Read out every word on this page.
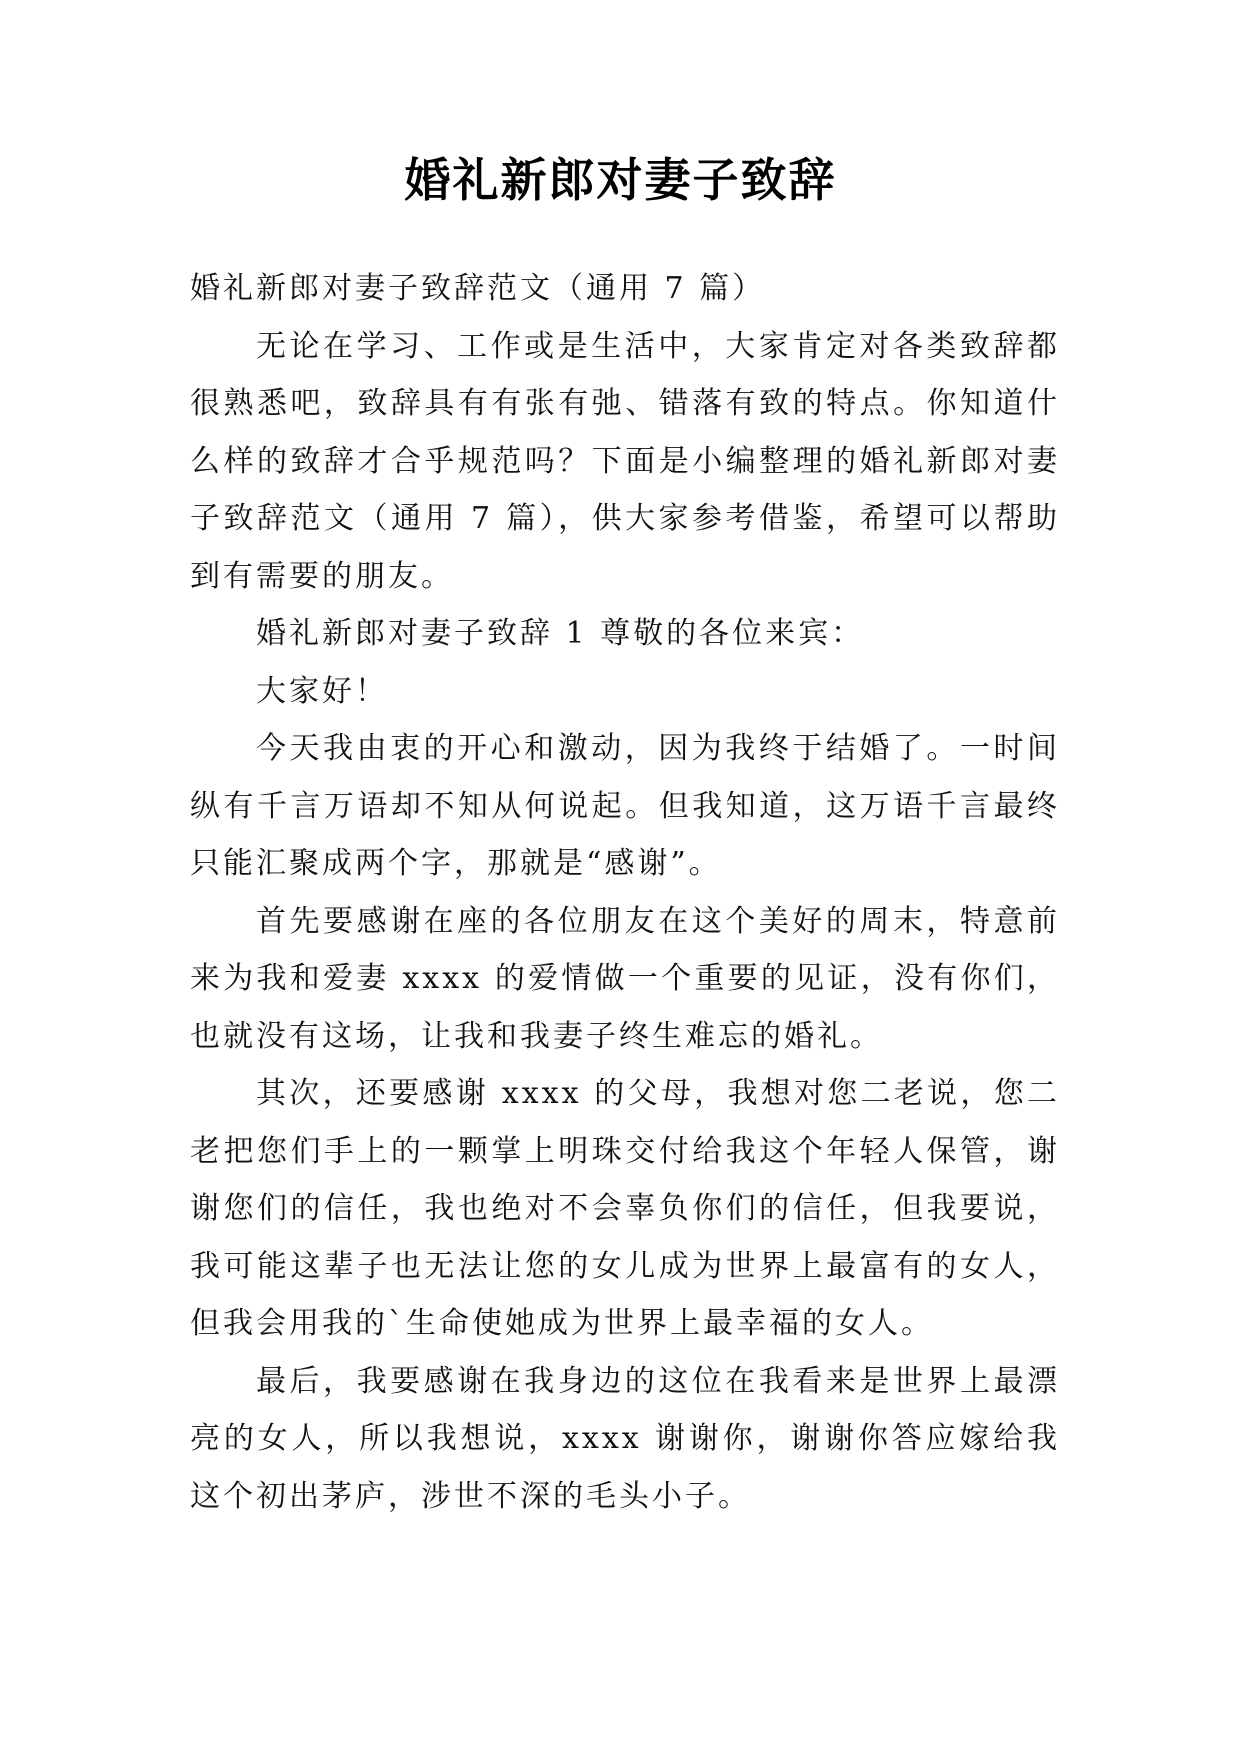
婚礼新郎对妻子致辞

婚礼新郎对妻子致辞范文（通用 7 篇）

无论在学习、工作或是生活中，大家肯定对各类致辞都很熟悉吧，致辞具有有张有弛、错落有致的特点。你知道什么样的致辞才合乎规范吗？下面是小编整理的婚礼新郎对妻子致辞范文（通用 7 篇），供大家参考借鉴，希望可以帮助到有需要的朋友。

婚礼新郎对妻子致辞 1 尊敬的各位来宾：

大家好！

今天我由衷的开心和激动，因为我终于结婚了。一时间纵有千言万语却不知从何说起。但我知道，这万语千言最终只能汇聚成两个字，那就是“感谢”。

首先要感谢在座的各位朋友在这个美好的周末，特意前来为我和爱妻 xxxx 的爱情做一个重要的见证，没有你们，也就没有这场，让我和我妻子终生难忘的婚礼。

其次，还要感谢 xxxx 的父母，我想对您二老说，您二老把您们手上的一颗掌上明珠交付给我这个年轻人保管，谢谢您们的信任，我也绝对不会辜负你们的信任，但我要说，我可能这辈子也无法让您的女儿成为世界上最富有的女人，但我会用我的`生命使她成为世界上最幸福的女人。

最后，我要感谢在我身边的这位在我看来是世界上最漂亮的女人，所以我想说，xxxx 谢谢你，谢谢你答应嫁给我这个初出茅庐，涉世不深的毛头小子。
